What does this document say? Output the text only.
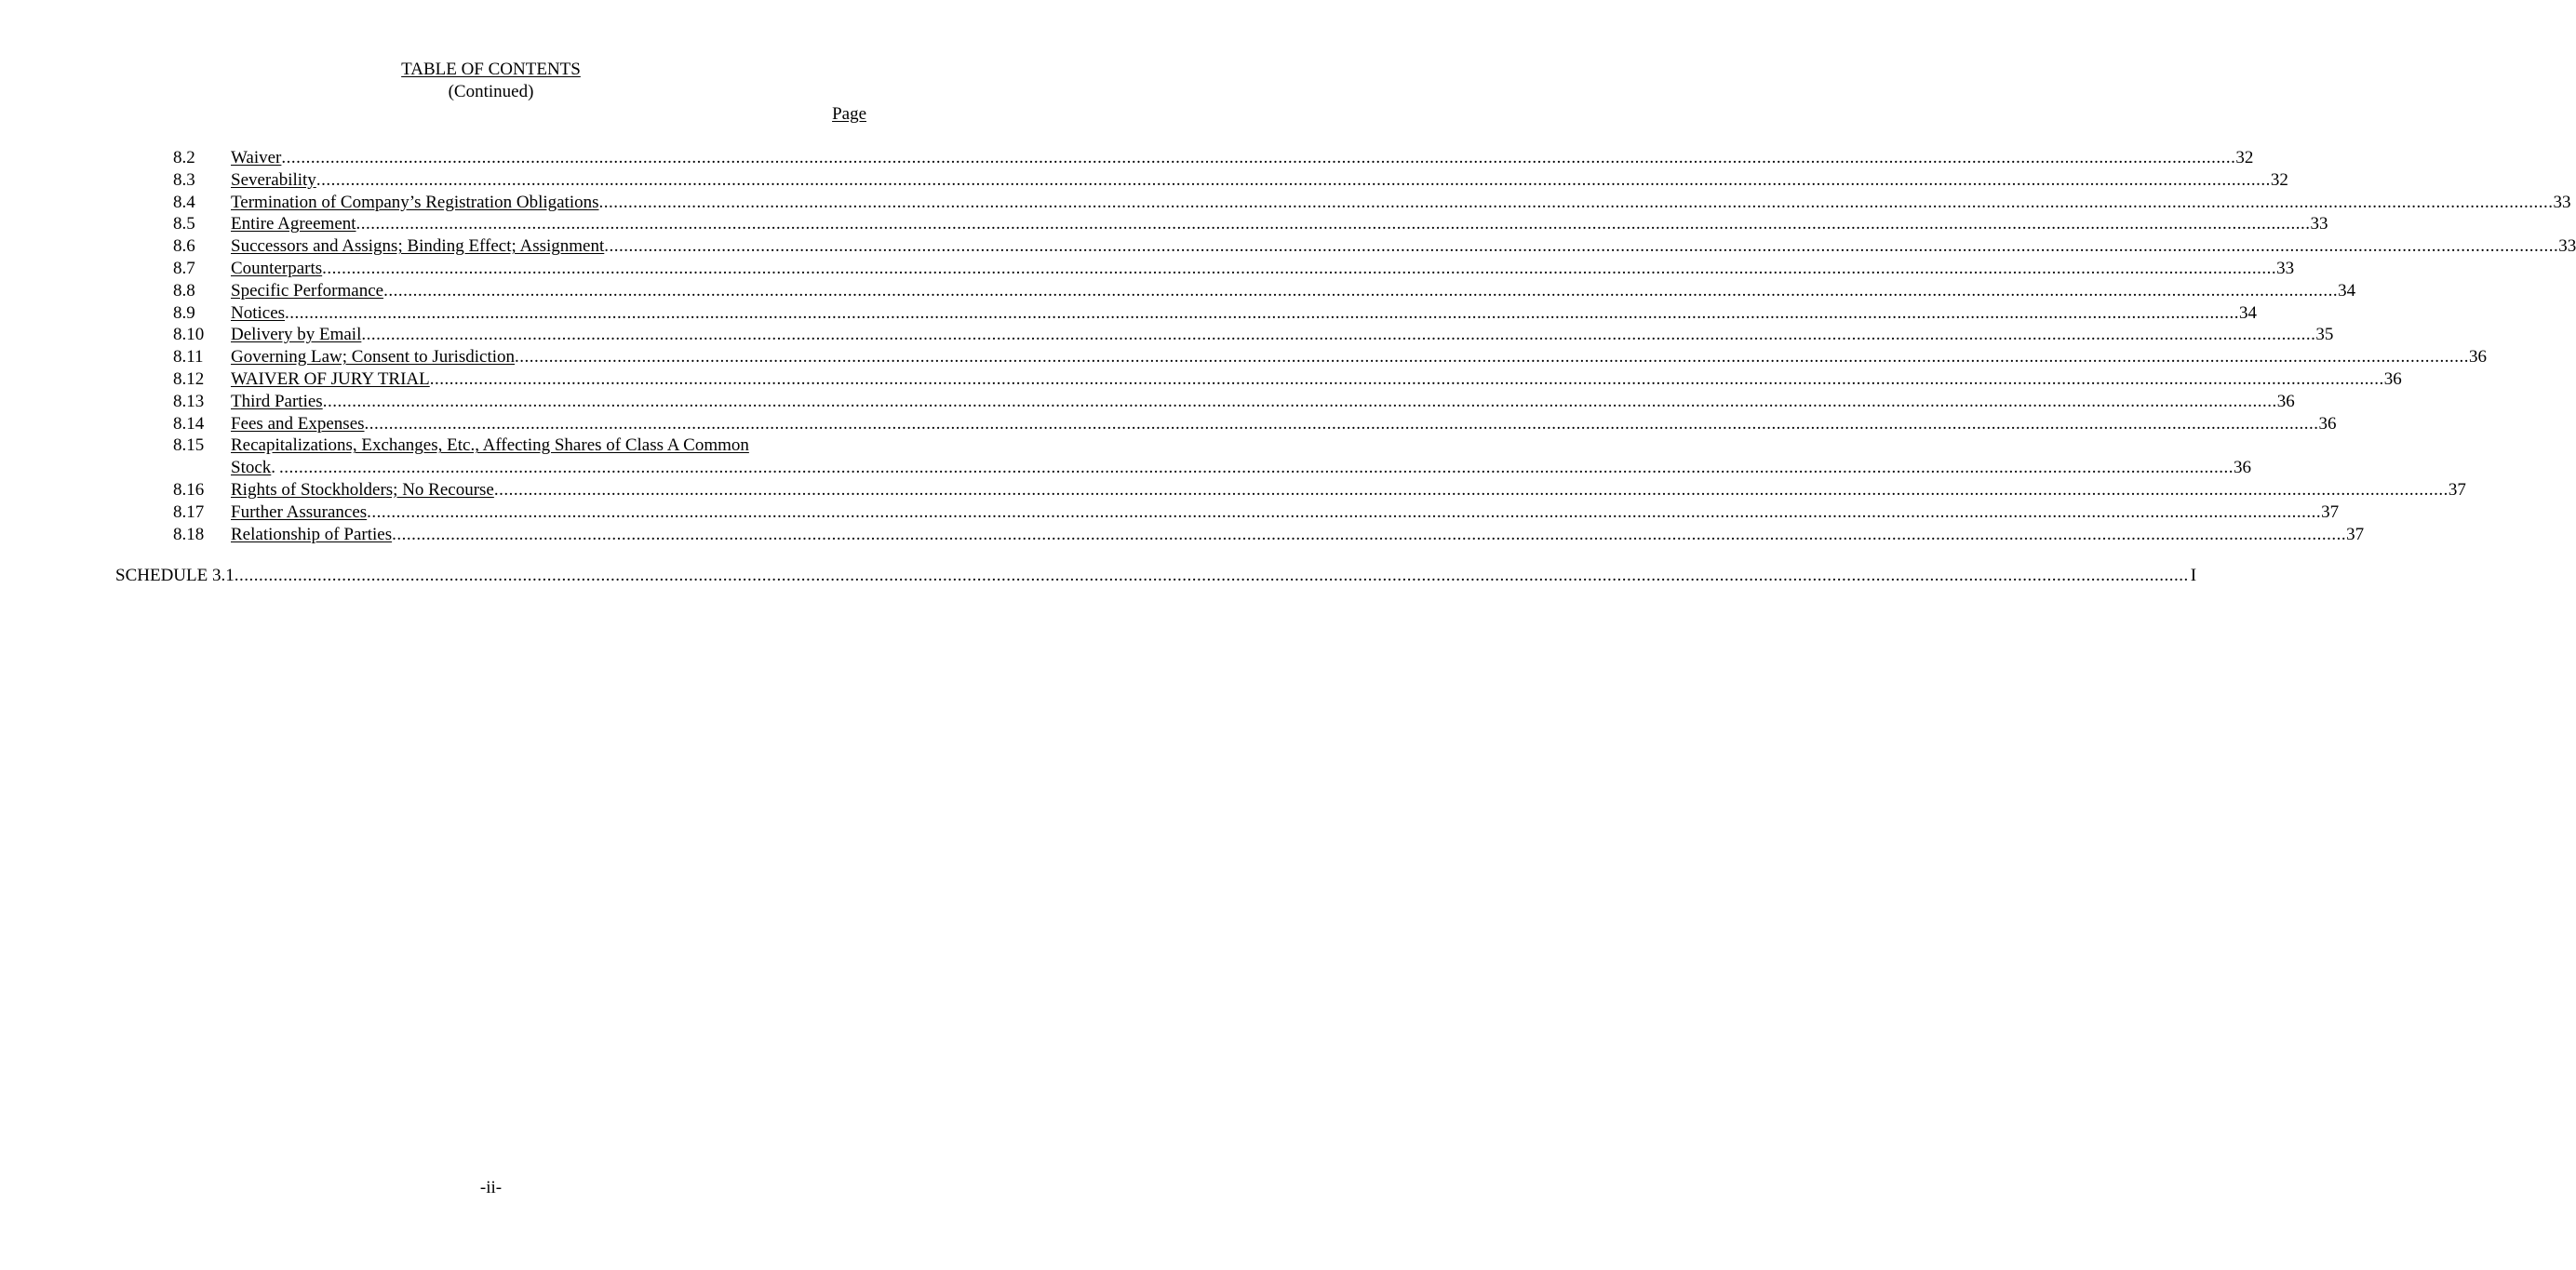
TABLE OF CONTENTS
(Continued)
Page
8.2	Waiver ................................................................................................................................................................................................................................................................................................................................................................................................................ 32
8.3	Severability ................................................................................................................................................................................................................................................................................................................................................................................................................ 32
8.4	Termination of Company’s Registration Obligations ................................................................................................................................................................................................................................................................................................................................................................................................................ 33
8.5	Entire Agreement ................................................................................................................................................................................................................................................................................................................................................................................................................ 33
8.6	Successors and Assigns; Binding Effect; Assignment ................................................................................................................................................................................................................................................................................................................................................................................................................ 33
8.7	Counterparts ................................................................................................................................................................................................................................................................................................................................................................................................................ 33
8.8	Specific Performance ................................................................................................................................................................................................................................................................................................................................................................................................................ 34
8.9	Notices ................................................................................................................................................................................................................................................................................................................................................................................................................ 34
8.10	Delivery by Email ................................................................................................................................................................................................................................................................................................................................................................................................................ 35
8.11	Governing Law; Consent to Jurisdiction ................................................................................................................................................................................................................................................................................................................................................................................................................ 36
8.12	WAIVER OF JURY TRIAL ................................................................................................................................................................................................................................................................................................................................................................................................................ 36
8.13	Third Parties ................................................................................................................................................................................................................................................................................................................................................................................................................ 36
8.14	Fees and Expenses ................................................................................................................................................................................................................................................................................................................................................................................................................ 36
8.15	Recapitalizations, Exchanges, Etc., Affecting Shares of Class A Common
Stock . ................................................................................................................................................................................................................................................................................................................................................................................................................ 36
8.16	Rights of Stockholders; No Recourse ................................................................................................................................................................................................................................................................................................................................................................................................................ 37
8.17	Further Assurances ................................................................................................................................................................................................................................................................................................................................................................................................................ 37
8.18	Relationship of Parties ................................................................................................................................................................................................................................................................................................................................................................................................................ 37
SCHEDULE 3.1 ................................................................................................................................................................................................................................................................................................................................................................................................................ I
-ii-
